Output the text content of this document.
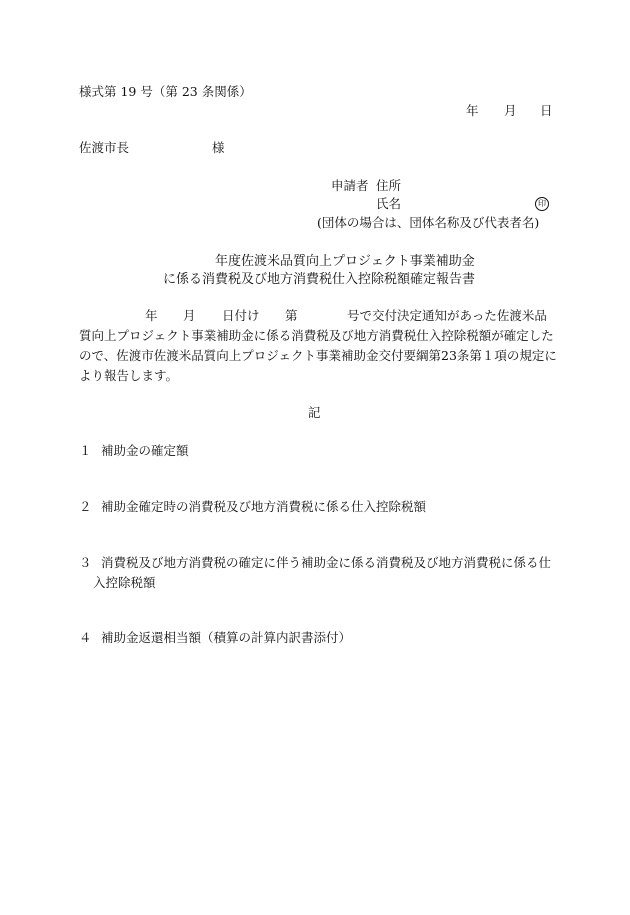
様式第 19 号（第 23 条関係）
年 月 日
佐渡市長	様
申請者 住所
氏名	印
(団体の場合は、団体名称及び代表者名)
年度佐渡米品質向上プロジェクト事業補助金
に係る消費税及び地方消費税仕入控除税額確定報告書
年 月 日付け 第	号で交付決定通知があった佐渡米品
質向上プロジェクト事業補助金に係る消費税及び地方消費税仕入控除税額が確定した
ので、佐渡市佐渡米品質向上プロジェクト事業補助金交付要綱第23条第１項の規定に
より報告します。
記
１ 補助金の確定額
２ 補助金確定時の消費税及び地方消費税に係る仕入控除税額
３ 消費税及び地方消費税の確定に伴う補助金に係る消費税及び地方消費税に係る仕
入控除税額
４ 補助金返還相当額（積算の計算内訳書添付）
